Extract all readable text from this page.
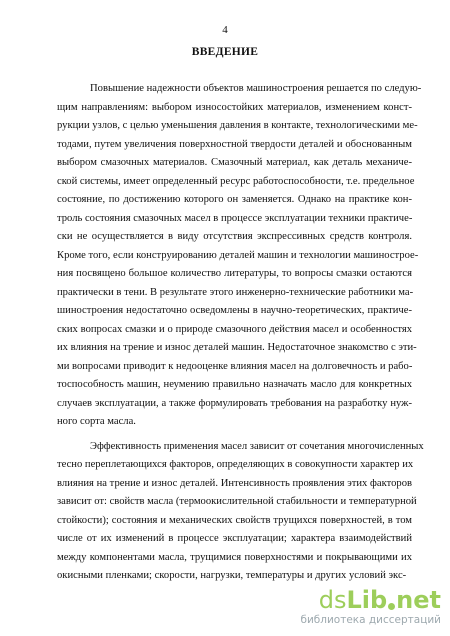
4
ВВЕДЕНИЕ
Повышение надежности объектов машиностроения решается по следую-
щим направлениям: выбором износостойких материалов, изменением конст-
рукции узлов, с целью уменьшения давления в контакте, технологическими ме-
тодами, путем увеличения поверхностной твердости деталей и обоснованным
выбором смазочных материалов. Смазочный материал, как деталь механиче-
ской системы, имеет определенный ресурс работоспособности, т.е. предельное
состояние, по достижению которого он заменяется. Однако на практике кон-
троль состояния смазочных масел в процессе эксплуатации техники практиче-
ски не осуществляется в виду отсутствия экспрессивных средств контроля.
Кроме того, если конструированию деталей машин и технологии машинострое-
ния посвящено большое количество литературы, то вопросы смазки остаются
практически в тени. В результате этого инженерно-технические работники ма-
шиностроения недостаточно осведомлены в научно-теоретических, практиче-
ских вопросах смазки и о природе смазочного действия масел и особенностях
их влияния на трение и износ деталей машин. Недостаточное знакомство с эти-
ми вопросами приводит к недооценке влияния масел на долговечность и рабо-
тоспособность машин, неумению правильно назначать масло для конкретных
случаев эксплуатации, а также формулировать требования на разработку нуж-
ного сорта масла.
Эффективность применения масел зависит от сочетания многочисленных
тесно переплетающихся факторов, определяющих в совокупности характер их
влияния на трение и износ деталей. Интенсивность проявления этих факторов
зависит от: свойств масла (термоокислительной стабильности и температурной
стойкости); состояния и механических свойств трущихся поверхностей, в том
числе от их изменений в процессе эксплуатации; характера взаимодействий
между компонентами масла, трущимися поверхностями и покрывающими их
окисными пленками; скорости, нагрузки, температуры и других условий экс-
dsLib net
библиотека диссертаций
